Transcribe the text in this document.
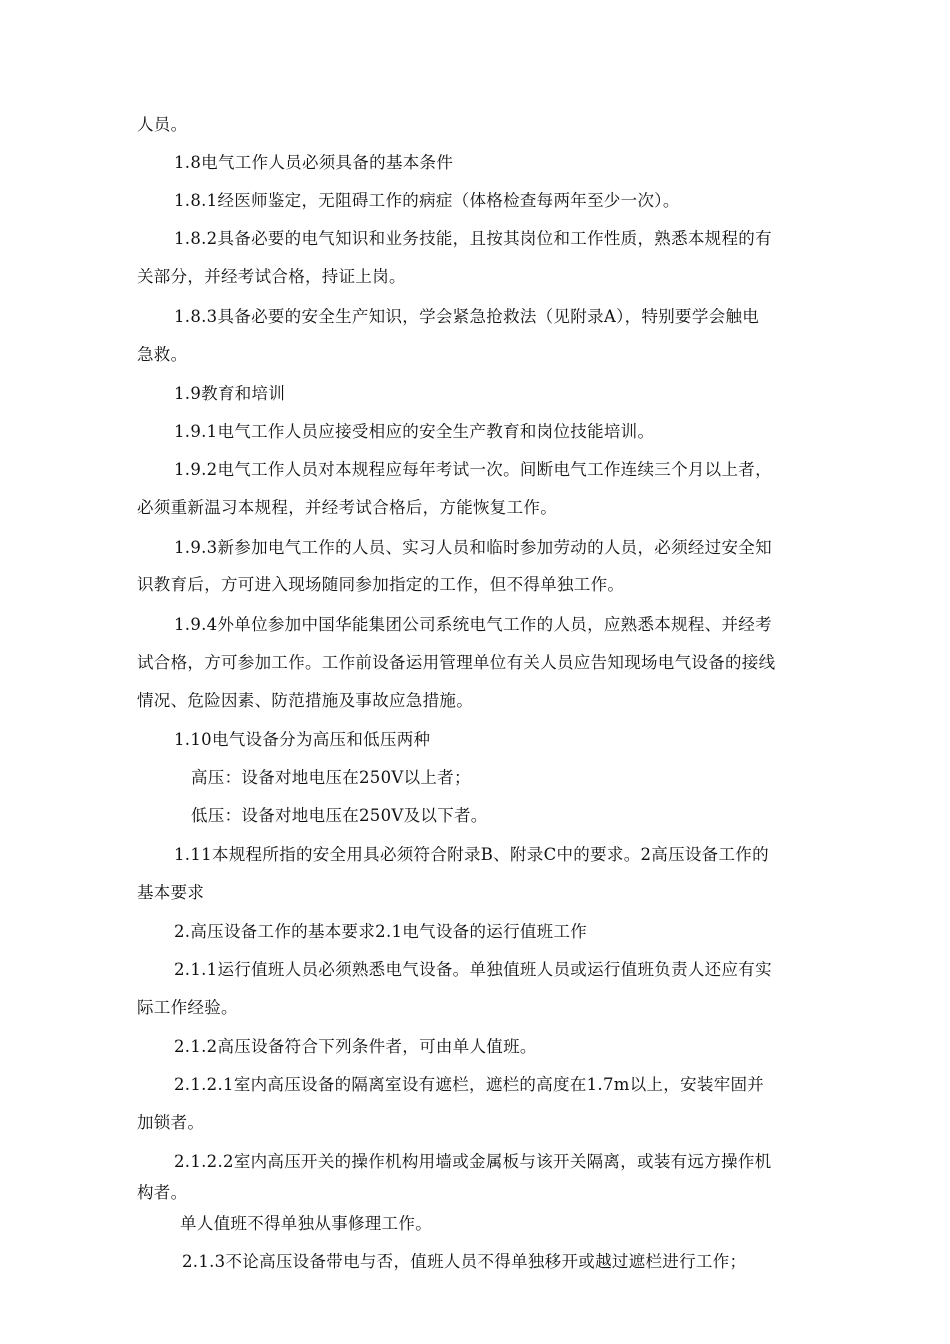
人员。
1.8电气工作人员必须具备的基本条件
1.8.1经医师鉴定，无阻碍工作的病症（体格检查每两年至少一次）。
1.8.2具备必要的电气知识和业务技能，且按其岗位和工作性质，熟悉本规程的有
关部分，并经考试合格，持证上岗。
1.8.3具备必要的安全生产知识，学会紧急抢救法（见附录A），特别要学会触电
急救。
1.9教育和培训
1.9.1电气工作人员应接受相应的安全生产教育和岗位技能培训。
1.9.2电气工作人员对本规程应每年考试一次。间断电气工作连续三个月以上者，
必须重新温习本规程，并经考试合格后，方能恢复工作。
1.9.3新参加电气工作的人员、实习人员和临时参加劳动的人员，必须经过安全知
识教育后，方可进入现场随同参加指定的工作，但不得单独工作。
1.9.4外单位参加中国华能集团公司系统电气工作的人员，应熟悉本规程、并经考
试合格，方可参加工作。工作前设备运用管理单位有关人员应告知现场电气设备的接线
情况、危险因素、防范措施及事故应急措施。
1.10电气设备分为高压和低压两种
高压：设备对地电压在250V以上者；
低压：设备对地电压在250V及以下者。
1.11本规程所指的安全用具必须符合附录B、附录C中的要求。2高压设备工作的
基本要求
2.高压设备工作的基本要求2.1电气设备的运行值班工作
2.1.1运行值班人员必须熟悉电气设备。单独值班人员或运行值班负责人还应有实
际工作经验。
2.1.2高压设备符合下列条件者，可由单人值班。
2.1.2.1室内高压设备的隔离室设有遮栏，遮栏的高度在1.7m以上，安装牢固并
加锁者。
2.1.2.2室内高压开关的操作机构用墙或金属板与该开关隔离，或装有远方操作机
构者。
单人值班不得单独从事修理工作。
2.1.3不论高压设备带电与否，值班人员不得单独移开或越过遮栏进行工作；
